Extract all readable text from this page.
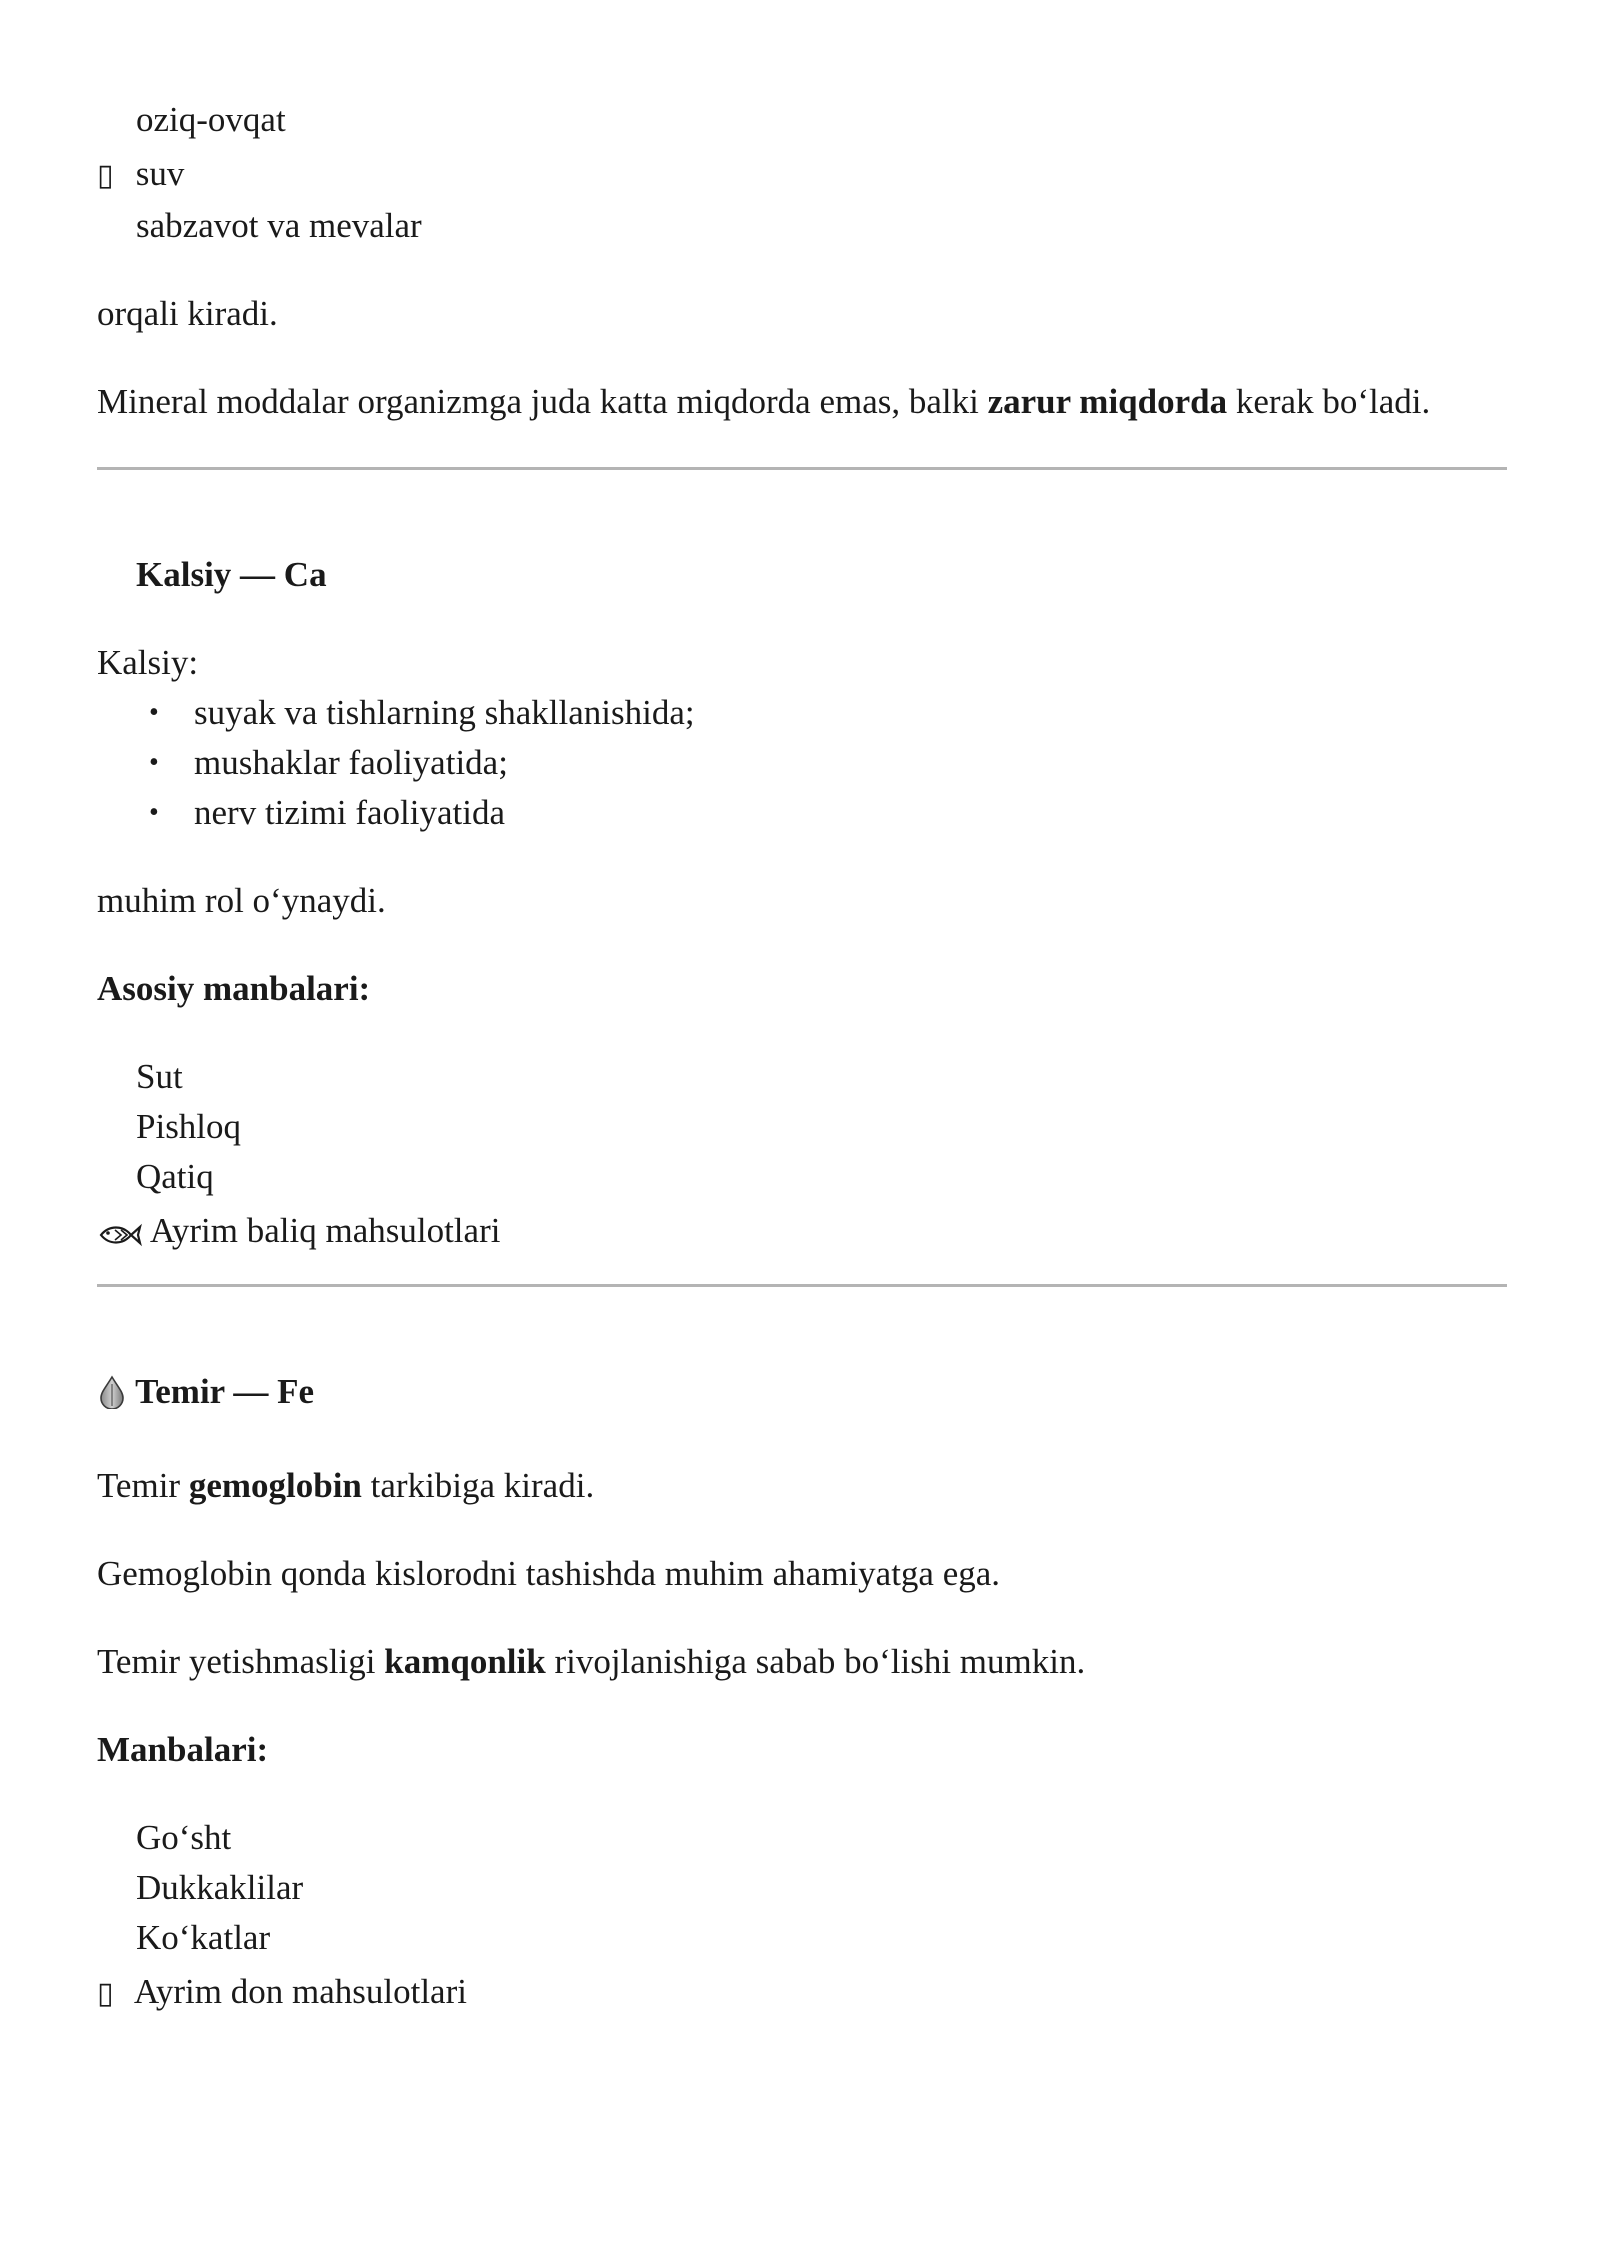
oziq-ovqat

▯ suv

sabzavot va mevalar

orqali kiradi.

Mineral moddalar organizmga juda katta miqdorda emas, balki zarur miqdorda kerak bo‘ladi.

Kalsiy — Ca

Kalsiy:

• suyak va tishlarning shakllanishida;
• mushaklar faoliyatida;
• nerv tizimi faoliyatida

muhim rol o‘ynaydi.

Asosiy manbalari:

Sut

Pishloq

Qatiq

Ayrim baliq mahsulotlari

Temir — Fe

Temir gemoglobin tarkibiga kiradi.

Gemoglobin qonda kislorodni tashishda muhim ahamiyatga ega.

Temir yetishmasligi kamqonlik rivojlanishiga sabab bo‘lishi mumkin.

Manbalari:

Go‘sht

Dukkaklilar

Ko‘katlar

▯ Ayrim don mahsulotlari
